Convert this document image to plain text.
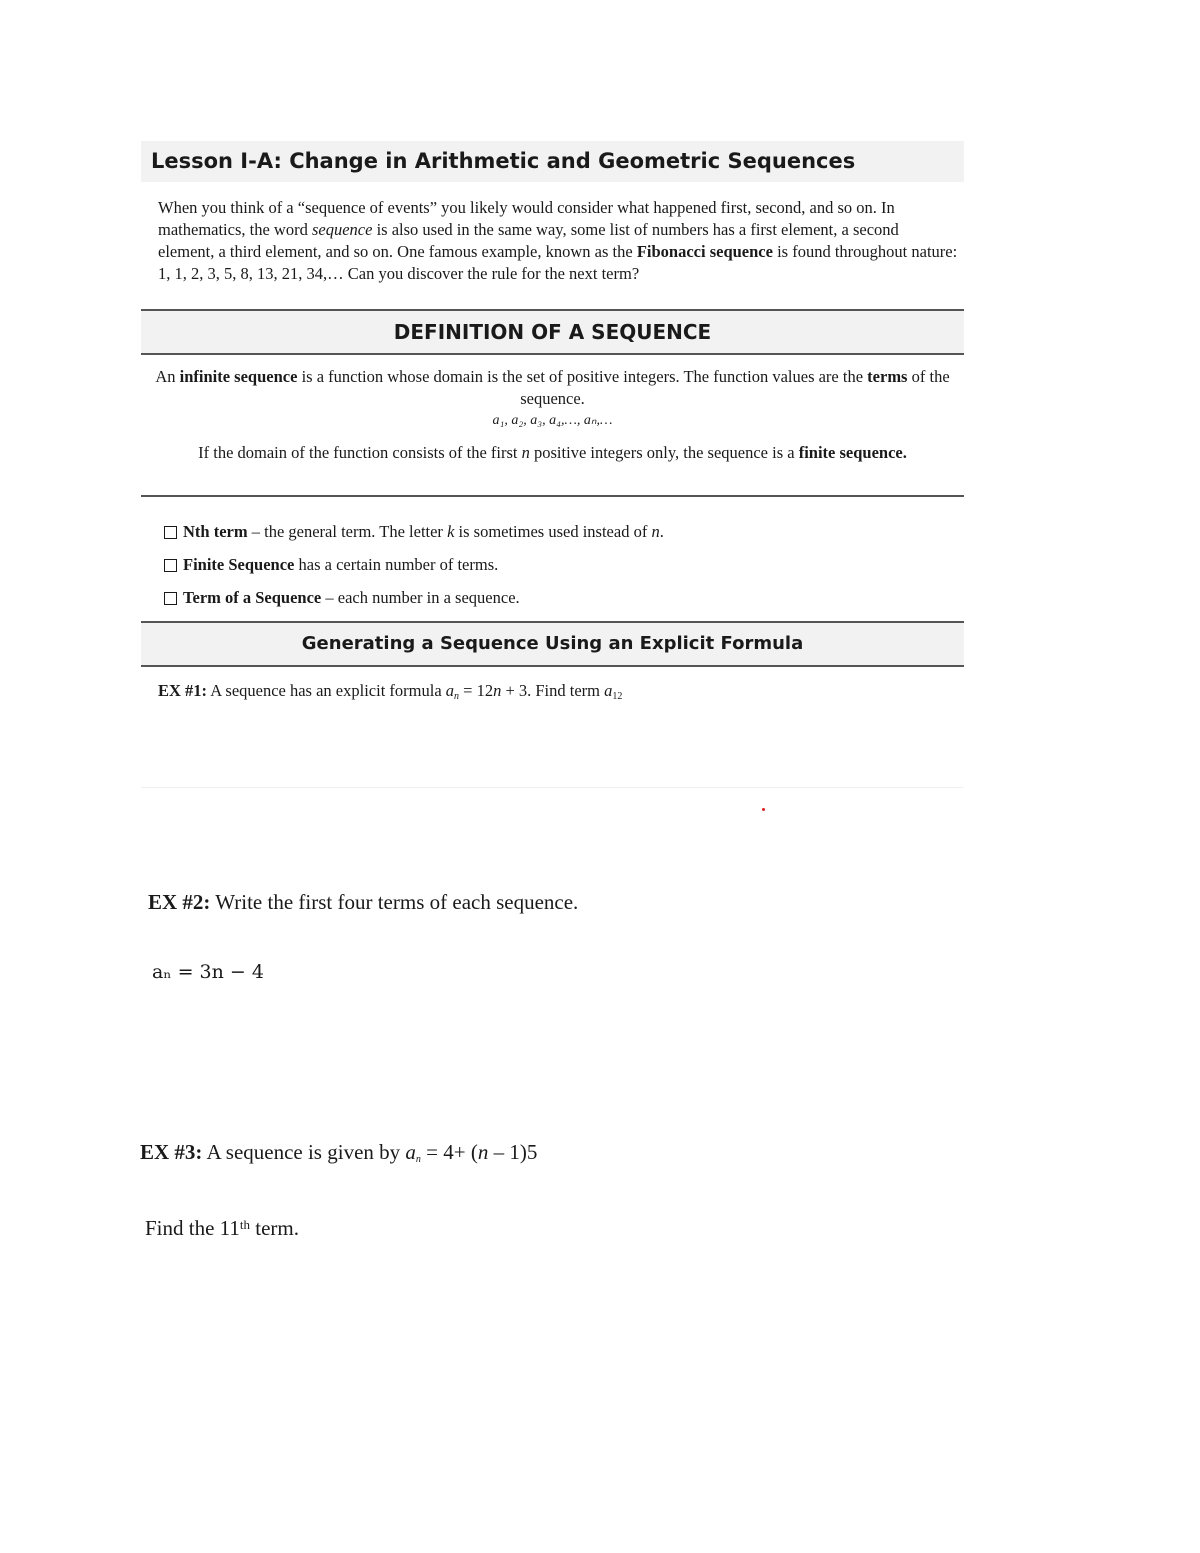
Lesson I-A: Change in Arithmetic and Geometric Sequences
When you think of a “sequence of events” you likely would consider what happened first, second, and so on. In mathematics, the word sequence is also used in the same way, some list of numbers has a first element, a second element, a third element, and so on. One famous example, known as the Fibonacci sequence is found throughout nature: 1, 1, 2, 3, 5, 8, 13, 21, 34,… Can you discover the rule for the next term?
DEFINITION OF A SEQUENCE
An infinite sequence is a function whose domain is the set of positive integers. The function values are the terms of the sequence.
a₁, a₂, a₃, a₄,…, aₙ,…
If the domain of the function consists of the first n positive integers only, the sequence is a finite sequence.
Nth term – the general term. The letter k is sometimes used instead of n.
Finite Sequence has a certain number of terms.
Term of a Sequence – each number in a sequence.
Generating a Sequence Using an Explicit Formula
EX #1: A sequence has an explicit formula $a_n = 12n + 3$. Find term $a_{12}$
EX #2: Write the first four terms of each sequence.
aₙ = 3n − 4
EX #3: A sequence is given by $a_n = 4+ (n - 1)5$
Find the 11th term.
